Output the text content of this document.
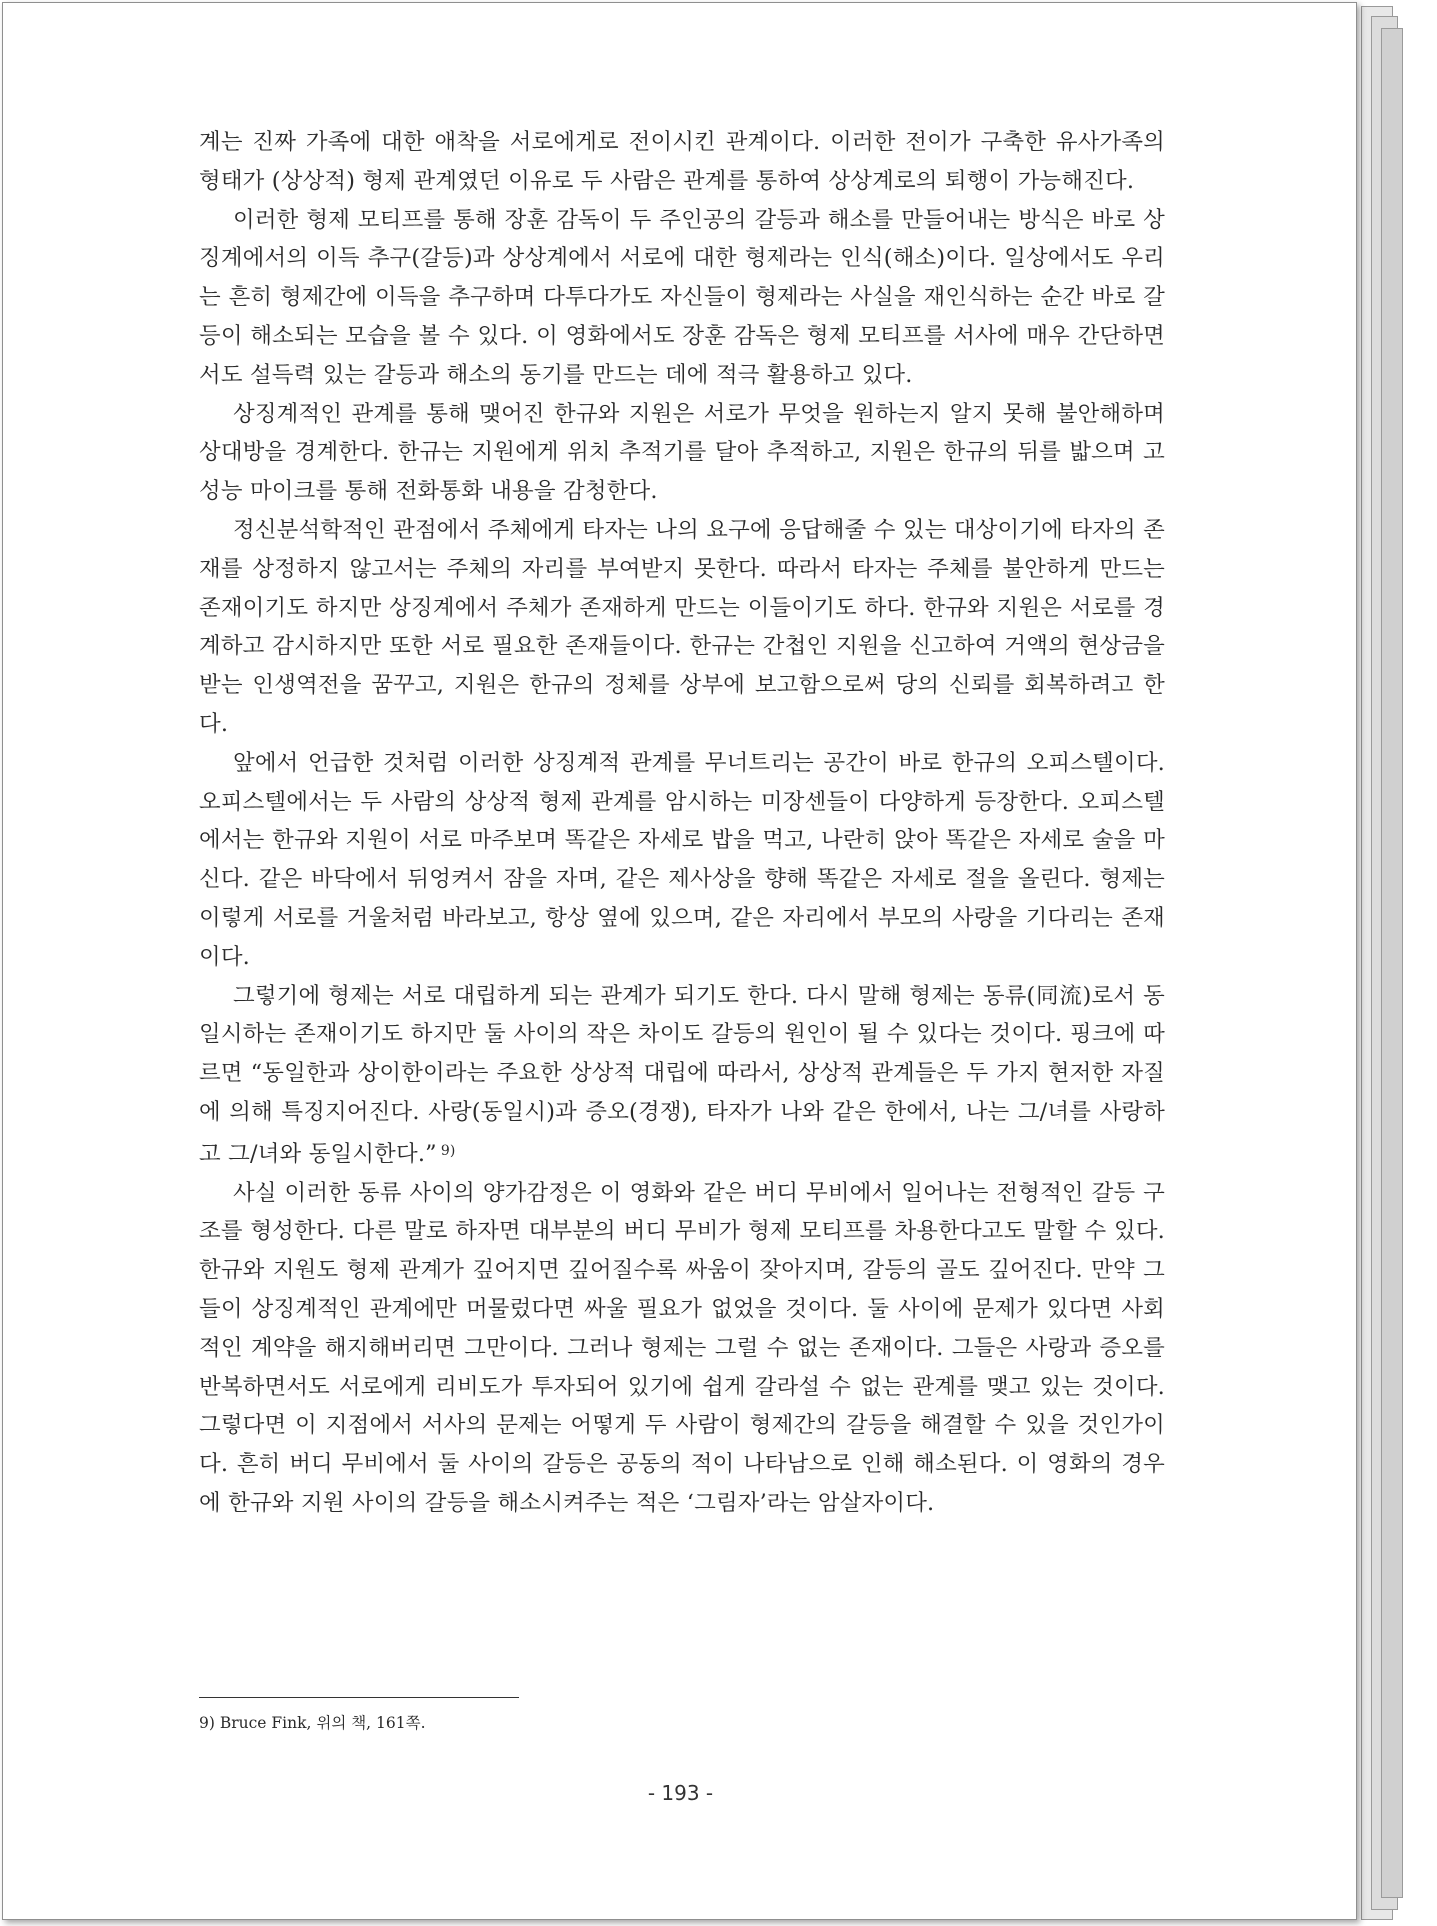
계는 진짜 가족에 대한 애착을 서로에게로 전이시킨 관계이다. 이러한 전이가 구축한 유사가족의 형태가 (상상적) 형제 관계였던 이유로 두 사람은 관계를 통하여 상상계로의 퇴행이 가능해진다.

이러한 형제 모티프를 통해 장훈 감독이 두 주인공의 갈등과 해소를 만들어내는 방식은 바로 상징계에서의 이득 추구(갈등)과 상상계에서 서로에 대한 형제라는 인식(해소)이다. 일상에서도 우리는 흔히 형제간에 이득을 추구하며 다투다가도 자신들이 형제라는 사실을 재인식하는 순간 바로 갈등이 해소되는 모습을 볼 수 있다. 이 영화에서도 장훈 감독은 형제 모티프를 서사에 매우 간단하면서도 설득력 있는 갈등과 해소의 동기를 만드는 데에 적극 활용하고 있다.

상징계적인 관계를 통해 맺어진 한규와 지원은 서로가 무엇을 원하는지 알지 못해 불안해하며 상대방을 경계한다. 한규는 지원에게 위치 추적기를 달아 추적하고, 지원은 한규의 뒤를 밟으며 고성능 마이크를 통해 전화통화 내용을 감청한다.

정신분석학적인 관점에서 주체에게 타자는 나의 요구에 응답해줄 수 있는 대상이기에 타자의 존재를 상정하지 않고서는 주체의 자리를 부여받지 못한다. 따라서 타자는 주체를 불안하게 만드는 존재이기도 하지만 상징계에서 주체가 존재하게 만드는 이들이기도 하다. 한규와 지원은 서로를 경계하고 감시하지만 또한 서로 필요한 존재들이다. 한규는 간첩인 지원을 신고하여 거액의 현상금을 받는 인생역전을 꿈꾸고, 지원은 한규의 정체를 상부에 보고함으로써 당의 신뢰를 회복하려고 한다.

앞에서 언급한 것처럼 이러한 상징계적 관계를 무너트리는 공간이 바로 한규의 오피스텔이다. 오피스텔에서는 두 사람의 상상적 형제 관계를 암시하는 미장센들이 다양하게 등장한다. 오피스텔에서는 한규와 지원이 서로 마주보며 똑같은 자세로 밥을 먹고, 나란히 앉아 똑같은 자세로 술을 마신다. 같은 바닥에서 뒤엉켜서 잠을 자며, 같은 제사상을 향해 똑같은 자세로 절을 올린다. 형제는 이렇게 서로를 거울처럼 바라보고, 항상 옆에 있으며, 같은 자리에서 부모의 사랑을 기다리는 존재이다.

그렇기에 형제는 서로 대립하게 되는 관계가 되기도 한다. 다시 말해 형제는 동류(同流)로서 동일시하는 존재이기도 하지만 둘 사이의 작은 차이도 갈등의 원인이 될 수 있다는 것이다. 핑크에 따르면 “동일한과 상이한이라는 주요한 상상적 대립에 따라서, 상상적 관계들은 두 가지 현저한 자질에 의해 특징지어진다. 사랑(동일시)과 증오(경쟁), 타자가 나와 같은 한에서, 나는 그/녀를 사랑하고 그/녀와 동일시한다.” $^{9)}$

사실 이러한 동류 사이의 양가감정은 이 영화와 같은 버디 무비에서 일어나는 전형적인 갈등 구조를 형성한다. 다른 말로 하자면 대부분의 버디 무비가 형제 모티프를 차용한다고도 말할 수 있다. 한규와 지원도 형제 관계가 깊어지면 깊어질수록 싸움이 잦아지며, 갈등의 골도 깊어진다. 만약 그들이 상징계적인 관계에만 머물렀다면 싸울 필요가 없었을 것이다. 둘 사이에 문제가 있다면 사회적인 계약을 해지해버리면 그만이다. 그러나 형제는 그럴 수 없는 존재이다. 그들은 사랑과 증오를 반복하면서도 서로에게 리비도가 투자되어 있기에 쉽게 갈라설 수 없는 관계를 맺고 있는 것이다. 그렇다면 이 지점에서 서사의 문제는 어떻게 두 사람이 형제간의 갈등을 해결할 수 있을 것인가이다. 흔히 버디 무비에서 둘 사이의 갈등은 공동의 적이 나타남으로 인해 해소된다. 이 영화의 경우에 한규와 지원 사이의 갈등을 해소시켜주는 적은 ‘그림자’라는 암살자이다.

9) Bruce Fink, 위의 책, 161쪽.
- 193 -
